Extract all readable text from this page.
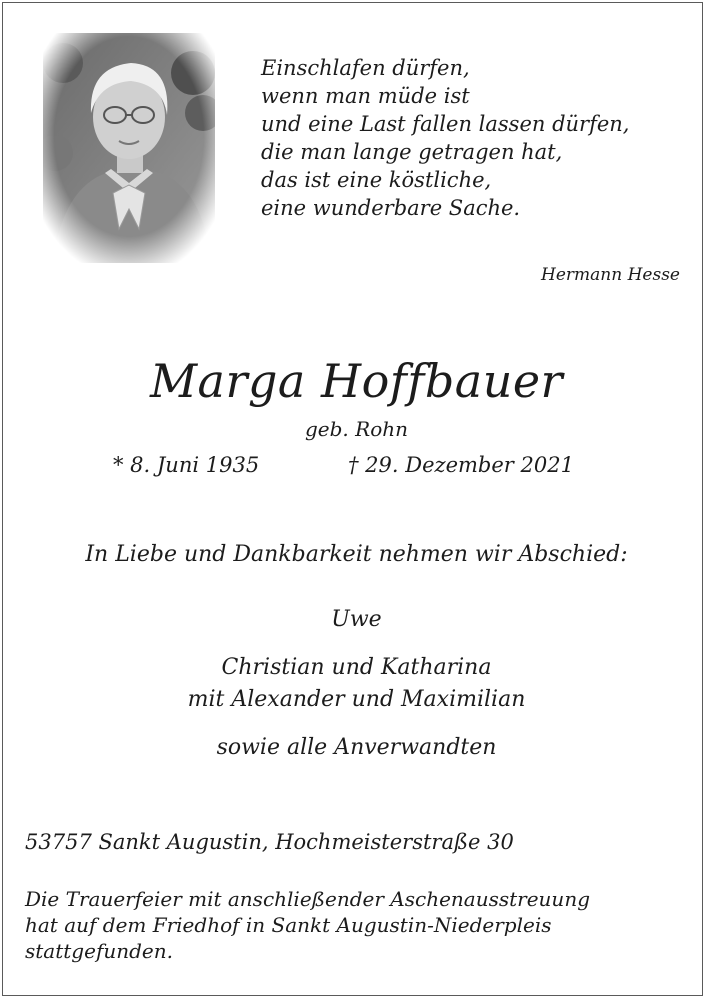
Einschlafen dürfen,
wenn man müde ist
und eine Last fallen lassen dürfen,
die man lange getragen hat,
das ist eine köstliche,
eine wunderbare Sache.
Hermann Hesse
Marga Hoffbauer
geb. Rohn
* 8. Juni 1935	† 29. Dezember 2021
In Liebe und Dankbarkeit nehmen wir Abschied:
Uwe
Christian und Katharina
mit Alexander und Maximilian
sowie alle Anverwandten
53757 Sankt Augustin, Hochmeisterstraße 30
Die Trauerfeier mit anschließender Aschenausstreuung
hat auf dem Friedhof in Sankt Augustin-Niederpleis
stattgefunden.
